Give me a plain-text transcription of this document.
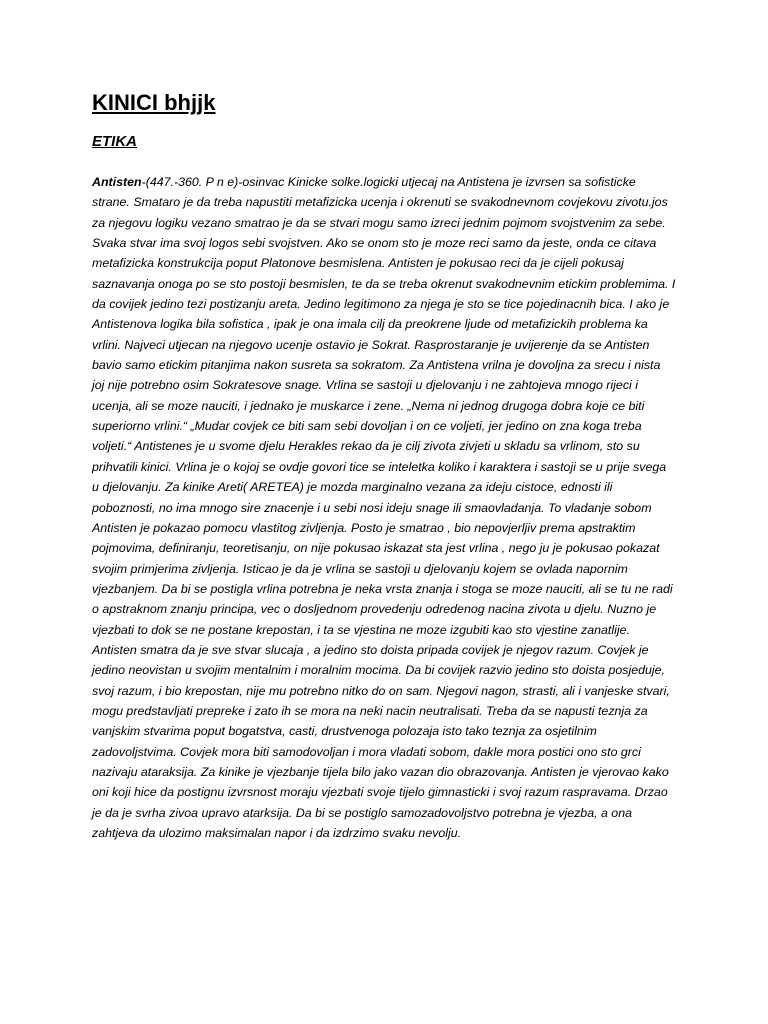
KINICI bhjjk
ETIKA

Antisten-(447.-360. P n e)-osinvac Kinicke solke.logicki utjecaj na Antistena je izvrsen sa sofisticke strane. Smataro je da treba napustiti metafizicka ucenja i okrenuti se svakodnevnom covjekovu zivotu.jos za njegovu logiku vezano smatrao je da se stvari mogu samo izreci jednim pojmom svojstvenim za sebe. Svaka stvar ima svoj logos sebi svojstven. Ako se onom sto je moze reci samo da jeste, onda ce citava metafizicka konstrukcija poput Platonove besmislena. Antisten je pokusao reci da je cijeli pokusaj saznavanja onoga po se sto postoji besmislen, te da se treba okrenut svakodnevnim etickim problemima. I da covijek jedino tezi postizanju areta. Jedino legitimono za njega je sto se tice pojedinacnih bica. I ako je Antistenova logika bila sofistica , ipak je ona imala cilj da preokrene ljude od metafizickih problema ka vrlini. Najveci utjecan na njegovo ucenje ostavio je Sokrat. Rasprostaranje je uvijerenje da se Antisten bavio samo etickim pitanjima nakon susreta sa sokratom. Za Antistena vrilna je dovoljna za srecu i nista joj nije potrebno osim Sokratesove snage. Vrlina se sastoji u djelovanju i ne zahtojeva mnogo rijeci i ucenja, ali se moze nauciti, i jednako je muskarce i zene. „Nema ni jednog drugoga dobra koje ce biti superiorno vrlini.“ „Mudar covjek ce biti sam sebi dovoljan i on ce voljeti, jer jedino on zna koga treba voljeti.“ Antistenes je u svome djelu Herakles rekao da je cilj zivota zivjeti u skladu sa vrlinom, sto su prihvatili kinici. Vrlina je o kojoj se ovdje govori tice se inteletka koliko i karaktera i sastoji se u prije svega u djelovanju. Za kinike Areti( ARETEA) je mozda marginalno vezana za ideju cistoce, ednosti ili poboznosti, no ima mnogo sire znacenje i u sebi nosi ideju snage ili smaovladanja. To vladanje sobom Antisten je pokazao pomocu vlastitog zivljenja. Posto je smatrao , bio nepovjerljiv prema apstraktim pojmovima, definiranju, teoretisanju, on nije pokusao iskazat sta jest vrlina , nego ju je pokusao pokazat svojim primjerima zivljenja. Isticao je da je vrlina se sastoji u djelovanju kojem se ovlada napornim vjezbanjem. Da bi se postigla vrlina potrebna je neka vrsta znanja i stoga se moze nauciti, ali se tu ne radi o apstraknom znanju principa, vec o dosljednom provedenju odredenog nacina zivota u djelu. Nuzno je vjezbati to dok se ne postane krepostan, i ta se vjestina ne moze izgubiti kao sto vjestine zanatlije. Antisten smatra da je sve stvar slucaja , a jedino sto doista pripada covijek je njegov razum. Covjek je jedino neovistan u svojim mentalnim i moralnim mocima. Da bi covijek razvio jedino sto doista posjeduje, svoj razum, i bio krepostan, nije mu potrebno nitko do on sam. Njegovi nagon, strasti, ali i vanjeske stvari, mogu predstavljati prepreke i zato ih se mora na neki nacin neutralisati. Treba da se napusti teznja za vanjskim stvarima poput bogatstva, casti, drustvenoga polozaja isto tako teznja za osjetilnim zadovoljstvima. Covjek mora biti samodovoljan i mora vladati sobom, dakle mora postici ono sto grci nazivaju ataraksija. Za kinike je vjezbanje tijela bilo jako vazan dio obrazovanja. Antisten je vjerovao kako oni koji hice da postignu izvrsnost moraju vjezbati svoje tijelo gimnasticki i svoj razum raspravama. Drzao je da je svrha zivoa upravo atarksija. Da bi se postiglo samozadovoljstvo potrebna je vjezba, a ona zahtjeva da ulozimo maksimalan napor i da izdrzimo svaku nevolju.
